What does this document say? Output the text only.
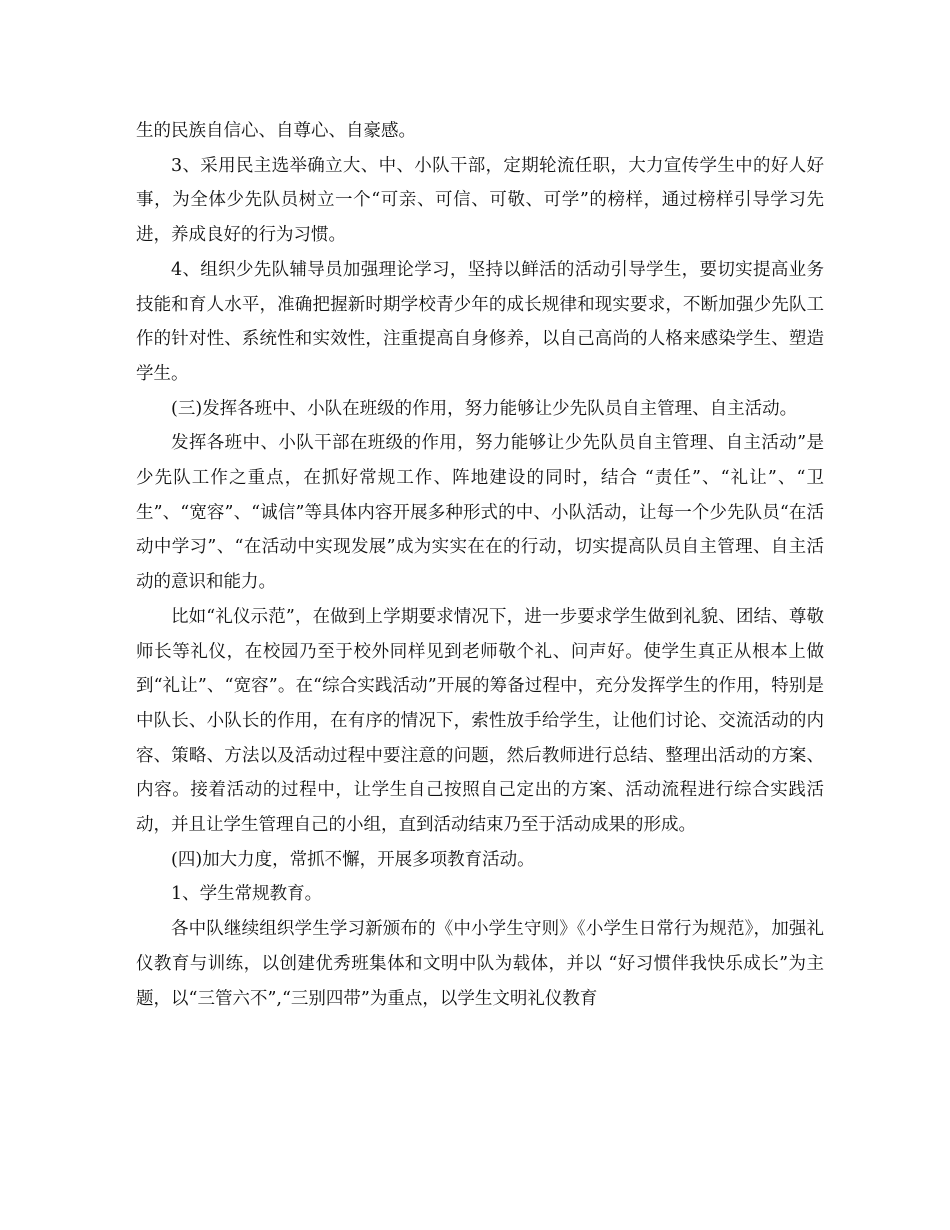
生的民族自信心、自尊心、自豪感。

3、采用民主选举确立大、中、小队干部，定期轮流任职，大力宣传学生中的好人好事，为全体少先队员树立一个“可亲、可信、可敬、可学”的榜样，通过榜样引导学习先进，养成良好的行为习惯。

4、组织少先队辅导员加强理论学习，坚持以鲜活的活动引导学生，要切实提高业务技能和育人水平，准确把握新时期学校青少年的成长规律和现实要求，不断加强少先队工作的针对性、系统性和实效性，注重提高自身修养，以自己高尚的人格来感染学生、塑造学生。

(三)发挥各班中、小队在班级的作用，努力能够让少先队员自主管理、自主活动。

发挥各班中、小队干部在班级的作用，努力能够让少先队员自主管理、自主活动”是少先队工作之重点，在抓好常规工作、阵地建设的同时，结合 “责任”、“礼让”、“卫生”、“宽容”、“诚信”等具体内容开展多种形式的中、小队活动，让每一个少先队员“在活动中学习”、“在活动中实现发展”成为实实在在的行动，切实提高队员自主管理、自主活动的意识和能力。

比如“礼仪示范”，在做到上学期要求情况下，进一步要求学生做到礼貌、团结、尊敬师长等礼仪，在校园乃至于校外同样见到老师敬个礼、问声好。使学生真正从根本上做到“礼让”、“宽容”。在“综合实践活动”开展的筹备过程中，充分发挥学生的作用，特别是中队长、小队长的作用，在有序的情况下，索性放手给学生，让他们讨论、交流活动的内容、策略、方法以及活动过程中要注意的问题，然后教师进行总结、整理出活动的方案、内容。接着活动的过程中，让学生自己按照自己定出的方案、活动流程进行综合实践活动，并且让学生管理自己的小组，直到活动结束乃至于活动成果的形成。

(四)加大力度，常抓不懈，开展多项教育活动。

1、学生常规教育。

各中队继续组织学生学习新颁布的《中小学生守则》《小学生日常行为规范》，加强礼仪教育与训练，以创建优秀班集体和文明中队为载体，并以 “好习惯伴我快乐成长”为主题，以“三管六不”,“三别四带”为重点，以学生文明礼仪教育
